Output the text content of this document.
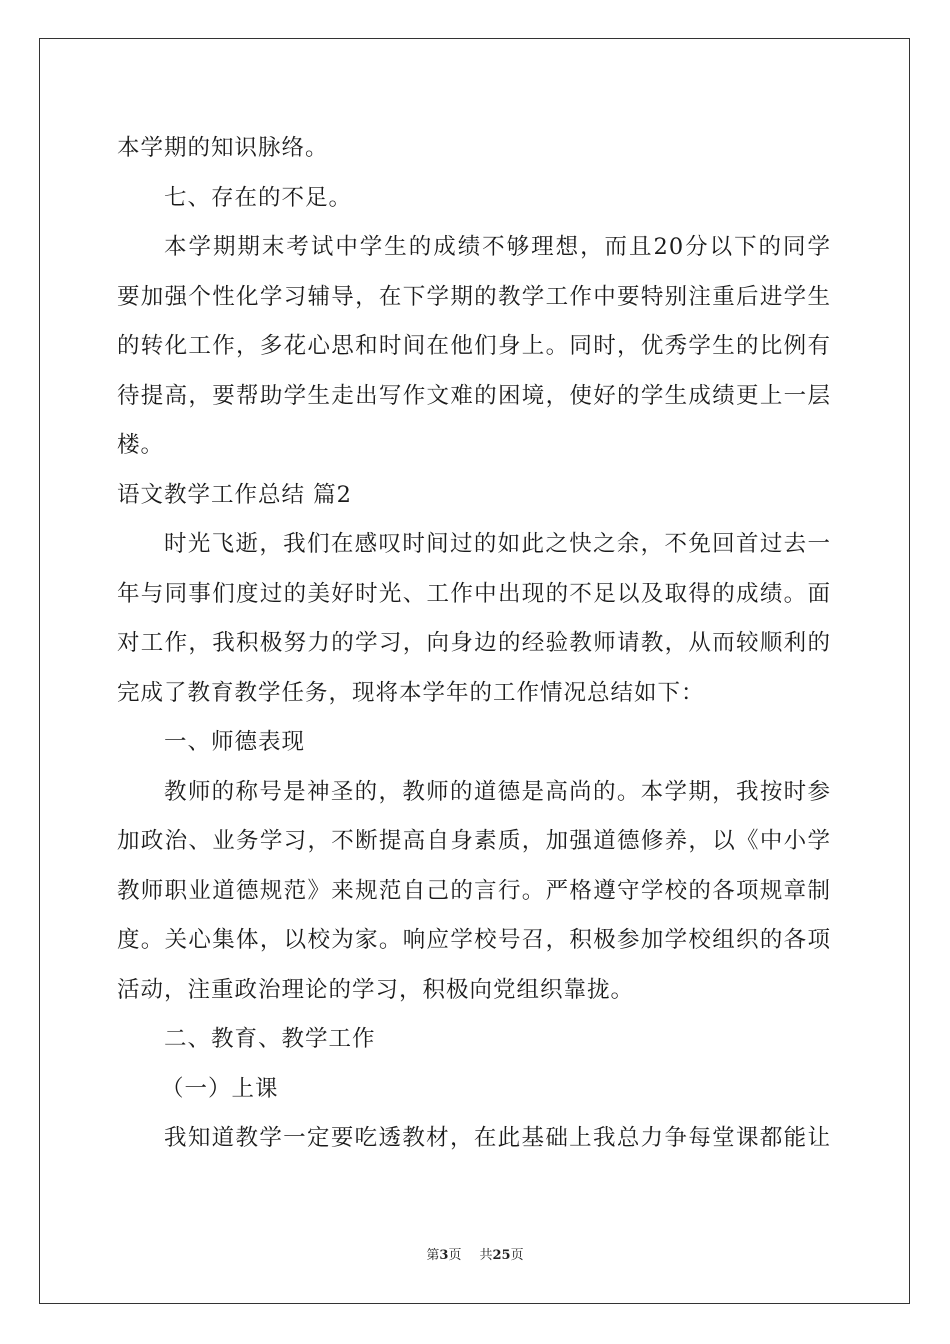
本学期的知识脉络。
七、存在的不足。
本学期期末考试中学生的成绩不够理想，而且20分以下的同学
要加强个性化学习辅导，在下学期的教学工作中要特别注重后进学生
的转化工作，多花心思和时间在他们身上。同时，优秀学生的比例有
待提高，要帮助学生走出写作文难的困境，使好的学生成绩更上一层
楼。
语文教学工作总结 篇2
时光飞逝，我们在感叹时间过的如此之快之余，不免回首过去一
年与同事们度过的美好时光、工作中出现的不足以及取得的成绩。面
对工作，我积极努力的学习，向身边的经验教师请教，从而较顺利的
完成了教育教学任务，现将本学年的工作情况总结如下：
一、师德表现
教师的称号是神圣的，教师的道德是高尚的。本学期，我按时参
加政治、业务学习，不断提高自身素质，加强道德修养，以《中小学
教师职业道德规范》来规范自己的言行。严格遵守学校的各项规章制
度。关心集体，以校为家。响应学校号召，积极参加学校组织的各项
活动，注重政治理论的学习，积极向党组织靠拢。
二、教育、教学工作
（一）上课
我知道教学一定要吃透教材，在此基础上我总力争每堂课都能让
第3页 共25页
